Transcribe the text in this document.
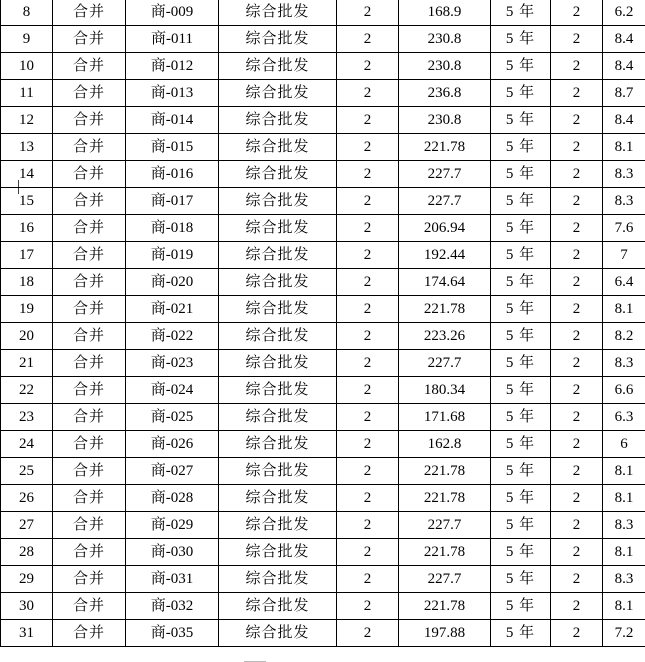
8	合并	商-009	综合批发	2	168.9	5 年	2	6.2
9	合并	商-011	综合批发	2	230.8	5 年	2	8.4
10	合并	商-012	综合批发	2	230.8	5 年	2	8.4
11	合并	商-013	综合批发	2	236.8	5 年	2	8.7
12	合并	商-014	综合批发	2	230.8	5 年	2	8.4
13	合并	商-015	综合批发	2	221.78	5 年	2	8.1
14	合并	商-016	综合批发	2	227.7	5 年	2	8.3
15	合并	商-017	综合批发	2	227.7	5 年	2	8.3
16	合并	商-018	综合批发	2	206.94	5 年	2	7.6
17	合并	商-019	综合批发	2	192.44	5 年	2	7
18	合并	商-020	综合批发	2	174.64	5 年	2	6.4
19	合并	商-021	综合批发	2	221.78	5 年	2	8.1
20	合并	商-022	综合批发	2	223.26	5 年	2	8.2
21	合并	商-023	综合批发	2	227.7	5 年	2	8.3
22	合并	商-024	综合批发	2	180.34	5 年	2	6.6
23	合并	商-025	综合批发	2	171.68	5 年	2	6.3
24	合并	商-026	综合批发	2	162.8	5 年	2	6
25	合并	商-027	综合批发	2	221.78	5 年	2	8.1
26	合并	商-028	综合批发	2	221.78	5 年	2	8.1
27	合并	商-029	综合批发	2	227.7	5 年	2	8.3
28	合并	商-030	综合批发	2	221.78	5 年	2	8.1
29	合并	商-031	综合批发	2	227.7	5 年	2	8.3
30	合并	商-032	综合批发	2	221.78	5 年	2	8.1
31	合并	商-035	综合批发	2	197.88	5 年	2	7.2
